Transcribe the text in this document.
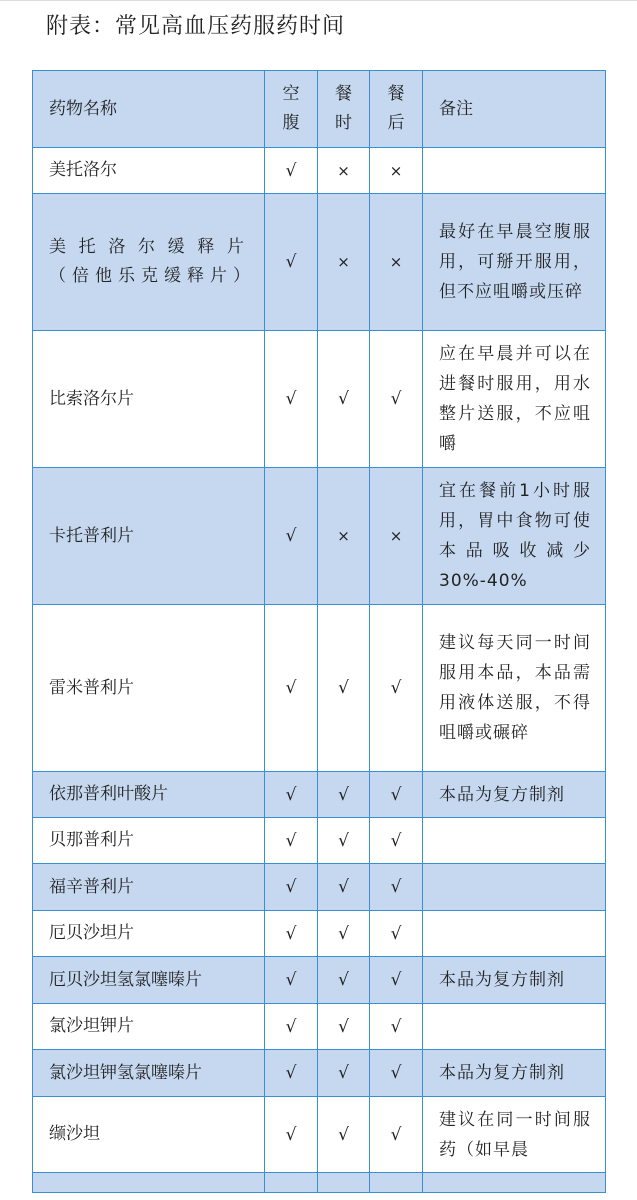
附表：常见高血压药服药时间
药物名称	空腹	餐时	餐后	备注
美托洛尔	√	×	×	
美托洛尔缓释片 （倍他乐克缓释片）	√	×	×	最好在早晨空腹服用，可掰开服用，但不应咀嚼或压碎
比索洛尔片	√	√	√	应在早晨并可以在进餐时服用，用水整片送服，不应咀嚼
卡托普利片	√	×	×	宜在餐前1小时服用，胃中食物可使本品吸收减少30%-40%
雷米普利片	√	√	√	建议每天同一时间服用本品，本品需用液体送服，不得咀嚼或碾碎
依那普利叶酸片	√	√	√	本品为复方制剂
贝那普利片	√	√	√	
福辛普利片	√	√	√	
厄贝沙坦片	√	√	√	
厄贝沙坦氢氯噻嗪片	√	√	√	本品为复方制剂
氯沙坦钾片	√	√	√	
氯沙坦钾氢氯噻嗪片	√	√	√	本品为复方制剂
缬沙坦	√	√	√	建议在同一时间服药（如早晨
